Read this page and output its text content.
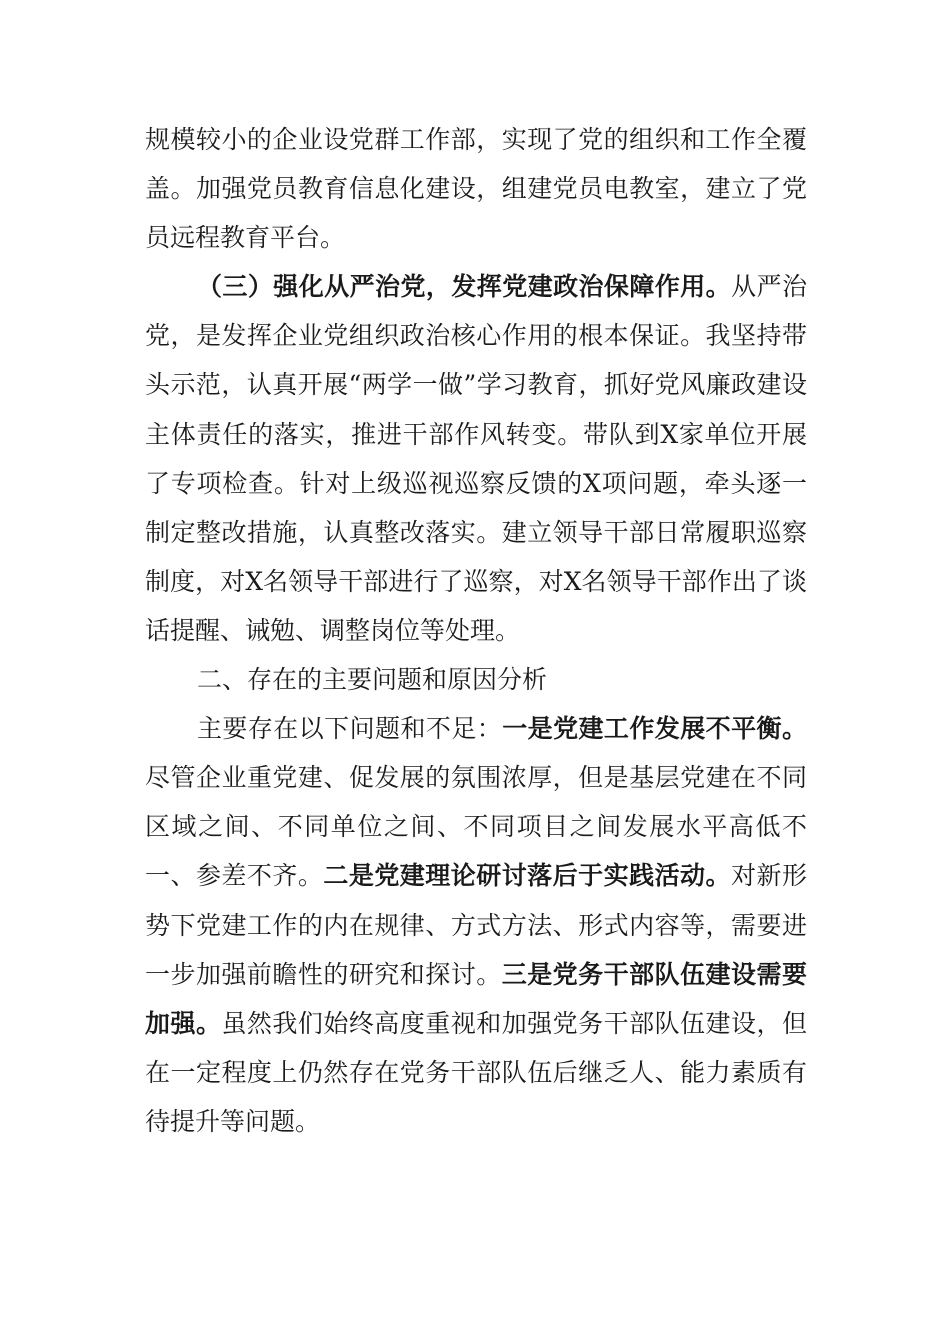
规模较小的企业设党群工作部，实现了党的组织和工作全覆盖。加强党员教育信息化建设，组建党员电教室，建立了党员远程教育平台。

（三）强化从严治党，发挥党建政治保障作用。从严治党，是发挥企业党组织政治核心作用的根本保证。我坚持带头示范，认真开展“两学一做”学习教育，抓好党风廉政建设主体责任的落实，推进干部作风转变。带队到X家单位开展了专项检查。针对上级巡视巡察反馈的X项问题，牵头逐一制定整改措施，认真整改落实。建立领导干部日常履职巡察制度，对X名领导干部进行了巡察，对X名领导干部作出了谈话提醒、诫勉、调整岗位等处理。

二、存在的主要问题和原因分析

主要存在以下问题和不足：一是党建工作发展不平衡。尽管企业重党建、促发展的氛围浓厚，但是基层党建在不同区域之间、不同单位之间、不同项目之间发展水平高低不一、参差不齐。二是党建理论研讨落后于实践活动。对新形势下党建工作的内在规律、方式方法、形式内容等，需要进一步加强前瞻性的研究和探讨。三是党务干部队伍建设需要加强。虽然我们始终高度重视和加强党务干部队伍建设，但在一定程度上仍然存在党务干部队伍后继乏人、能力素质有待提升等问题。
